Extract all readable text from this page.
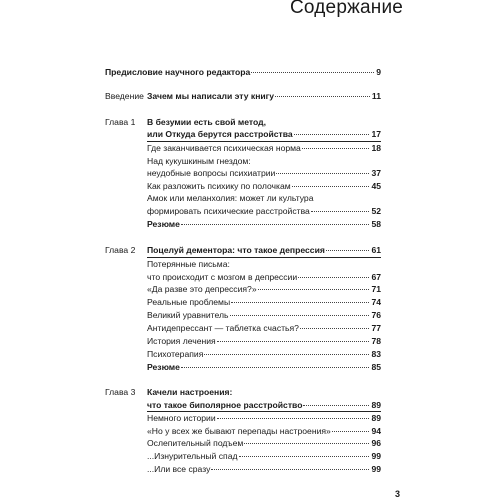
Содержание
Предисловие научного редактора	9
Введение Зачем мы написали эту книгу	11
Глава 1 В безумии есть свой метод,
или Откуда берутся расстройства	17
Где заканчивается психическая норма	18
Над кукушкиным гнездом:
неудобные вопросы психиатрии	37
Как разложить психику по полочкам	45
Амок или меланхолия: может ли культура
формировать психические расстройства	52
Резюме	58
Глава 2 Поцелуй дементора: что такое депрессия	61
Потерянные письма:
что происходит с мозгом в депрессии	67
«Да разве это депрессия?»	71
Реальные проблемы	74
Великий уравнитель	76
Антидепрессант — таблетка счастья?	77
История лечения	78
Психотерапия	83
Резюме	85
Глава 3 Качели настроения:
что такое биполярное расстройство	89
Немного истории	89
«Но у всех же бывают перепады настроения»	94
Ослепительный подъем	96
...Изнурительный спад	99
...Или все сразу	99
3
